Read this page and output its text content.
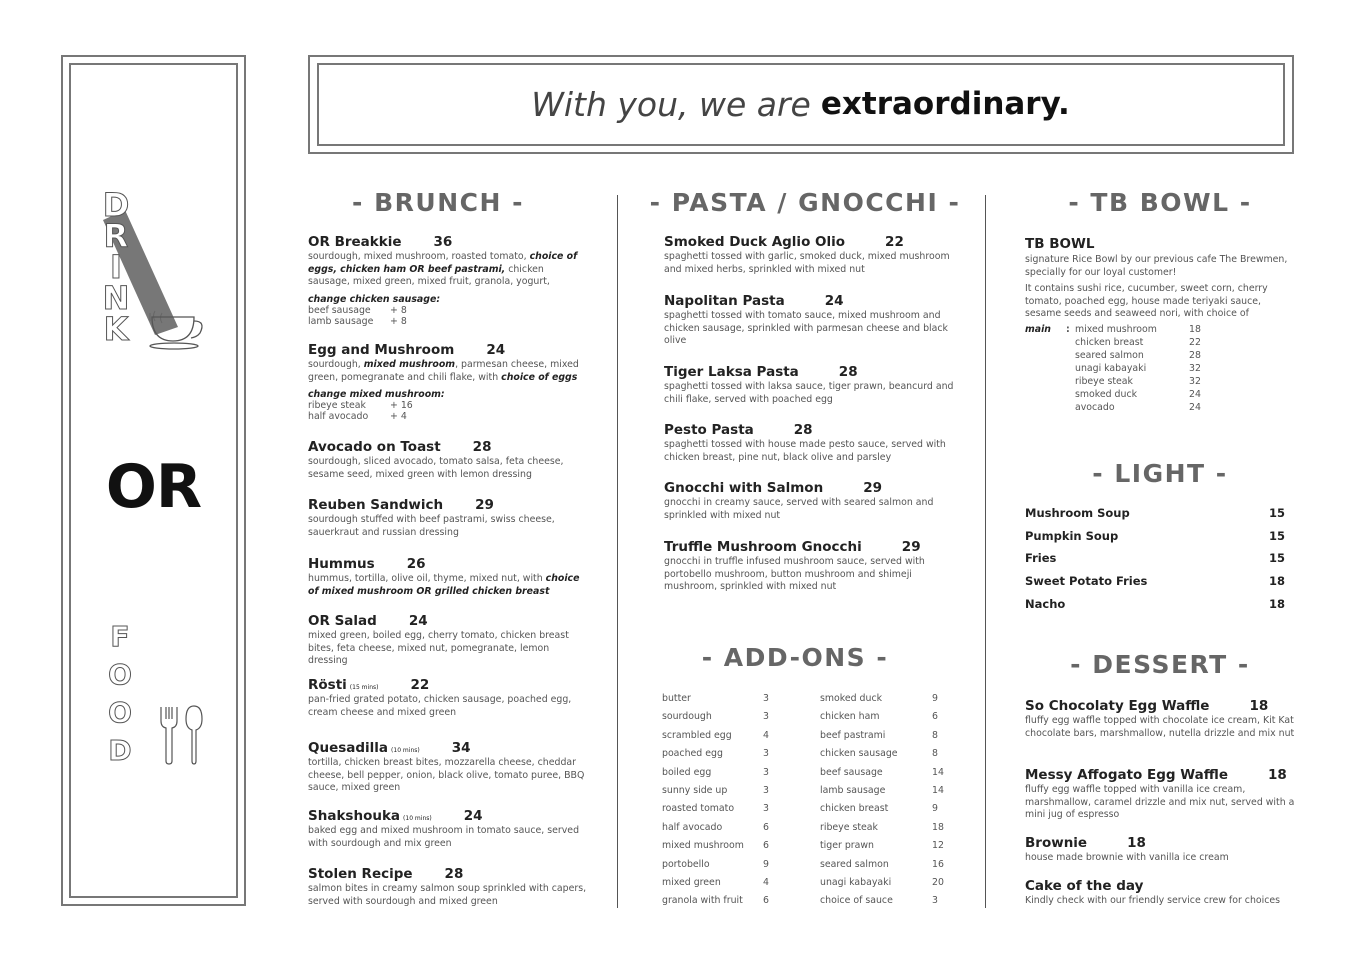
D
R
I
N
K
OR
F
O
O
D
With you, we are extraordinary.
- BRUNCH -	- PASTA / GNOCCHI -
- ADD-ONS -
- TB BOWL -
- LIGHT -
- DESSERT -
OR Breakkie 36
sourdough, mixed mushroom, roasted tomato, choice of eggs, chicken ham OR beef pastrami, chicken sausage, mixed green, mixed fruit, granola, yogurt,
change chicken sausage:
beef sausage + 8
lamb sausage + 8
Egg and Mushroom 24
sourdough, mixed mushroom, parmesan cheese, mixed green, pomegranate and chili flake, with choice of eggs
change mixed mushroom:
ribeye steak	+ 16
half avocado + 4
Avocado on Toast 28
sourdough, sliced avocado, tomato salsa, feta cheese, sesame seed, mixed green with lemon dressing
Reuben Sandwich 29
sourdough stuffed with beef pastrami, swiss cheese, sauerkraut and russian dressing
Hummus 26
hummus, tortilla, olive oil, thyme, mixed nut, with choice of mixed mushroom OR grilled chicken breast
OR Salad 24
mixed green, boiled egg, cherry tomato, chicken breast bites, feta cheese, mixed nut, pomegranate, lemon dressing
Rösti (15 mins) 22
pan-fried grated potato, chicken sausage, poached egg, cream cheese and mixed green
Quesadilla (10 mins) 34
tortilla, chicken breast bites, mozzarella cheese, cheddar cheese, bell pepper, onion, black olive, tomato puree, BBQ sauce, mixed green
Shakshouka (10 mins) 24
baked egg and mixed mushroom in tomato sauce, served with sourdough and mix green
Stolen Recipe 28
salmon bites in creamy salmon soup sprinkled with capers, served with sourdough and mixed green
Smoked Duck Aglio Olio	22
spaghetti tossed with garlic, smoked duck, mixed mushroom and mixed herbs, sprinkled with mixed nut
Napolitan Pasta	24
spaghetti tossed with tomato sauce, mixed mushroom and chicken sausage, sprinkled with parmesan cheese and black olive
Tiger Laksa Pasta	28
spaghetti tossed with laksa sauce, tiger prawn, beancurd and chili flake, served with poached egg
Pesto Pasta	28
spaghetti tossed with house made pesto sauce, served with chicken breast, pine nut, black olive and parsley
Gnocchi with Salmon	29
gnocchi in creamy sauce, served with seared salmon and sprinkled with mixed nut
Truffle Mushroom Gnocchi	29
gnocchi in truffle infused mushroom sauce, served with portobello mushroom, button mushroom and shimeji mushroom, sprinkled with mixed nut
So Chocolaty Egg Waffle	18
fluffy egg waffle topped with chocolate ice cream, Kit Kat chocolate bars, marshmallow, nutella drizzle and mix nut
Messy Affogato Egg Waffle	18
fluffy egg waffle topped with vanilla ice cream, marshmallow, caramel drizzle and mix nut, served with a mini jug of espresso
Brownie	18
house made brownie with vanilla ice cream
Cake of the day
Kindly check with our friendly service crew for choices
butter	3
sourdough	3
scrambled egg	4
poached egg	3
boiled egg	3
sunny side up	3
roasted tomato	3
half avocado	6
mixed mushroom 6
portobello	9
mixed green	4
granola with fruit 6
smoked duck	9
chicken ham	6
beef pastrami	8
chicken sausage	8
beef sausage	14
lamb sausage	14
chicken breast	9
ribeye steak	18
tiger prawn	12
seared salmon	16
unagi kabayaki	20
choice of sauce	3
mixed mushroom	18
chicken breast	22
seared salmon	28
unagi kabayaki	32
ribeye steak	32
smoked duck	24
avocado	24
Mushroom Soup	15
Pumpkin Soup	15
Fries	15
Sweet Potato Fries	18
Nacho	18
TB BOWL
signature Rice Bowl by our previous cafe The Brewmen, specially for our loyal customer!
It contains sushi rice, cucumber, sweet corn, cherry tomato, poached egg, house made teriyaki sauce, sesame seeds and seaweed nori, with choice of
main :
